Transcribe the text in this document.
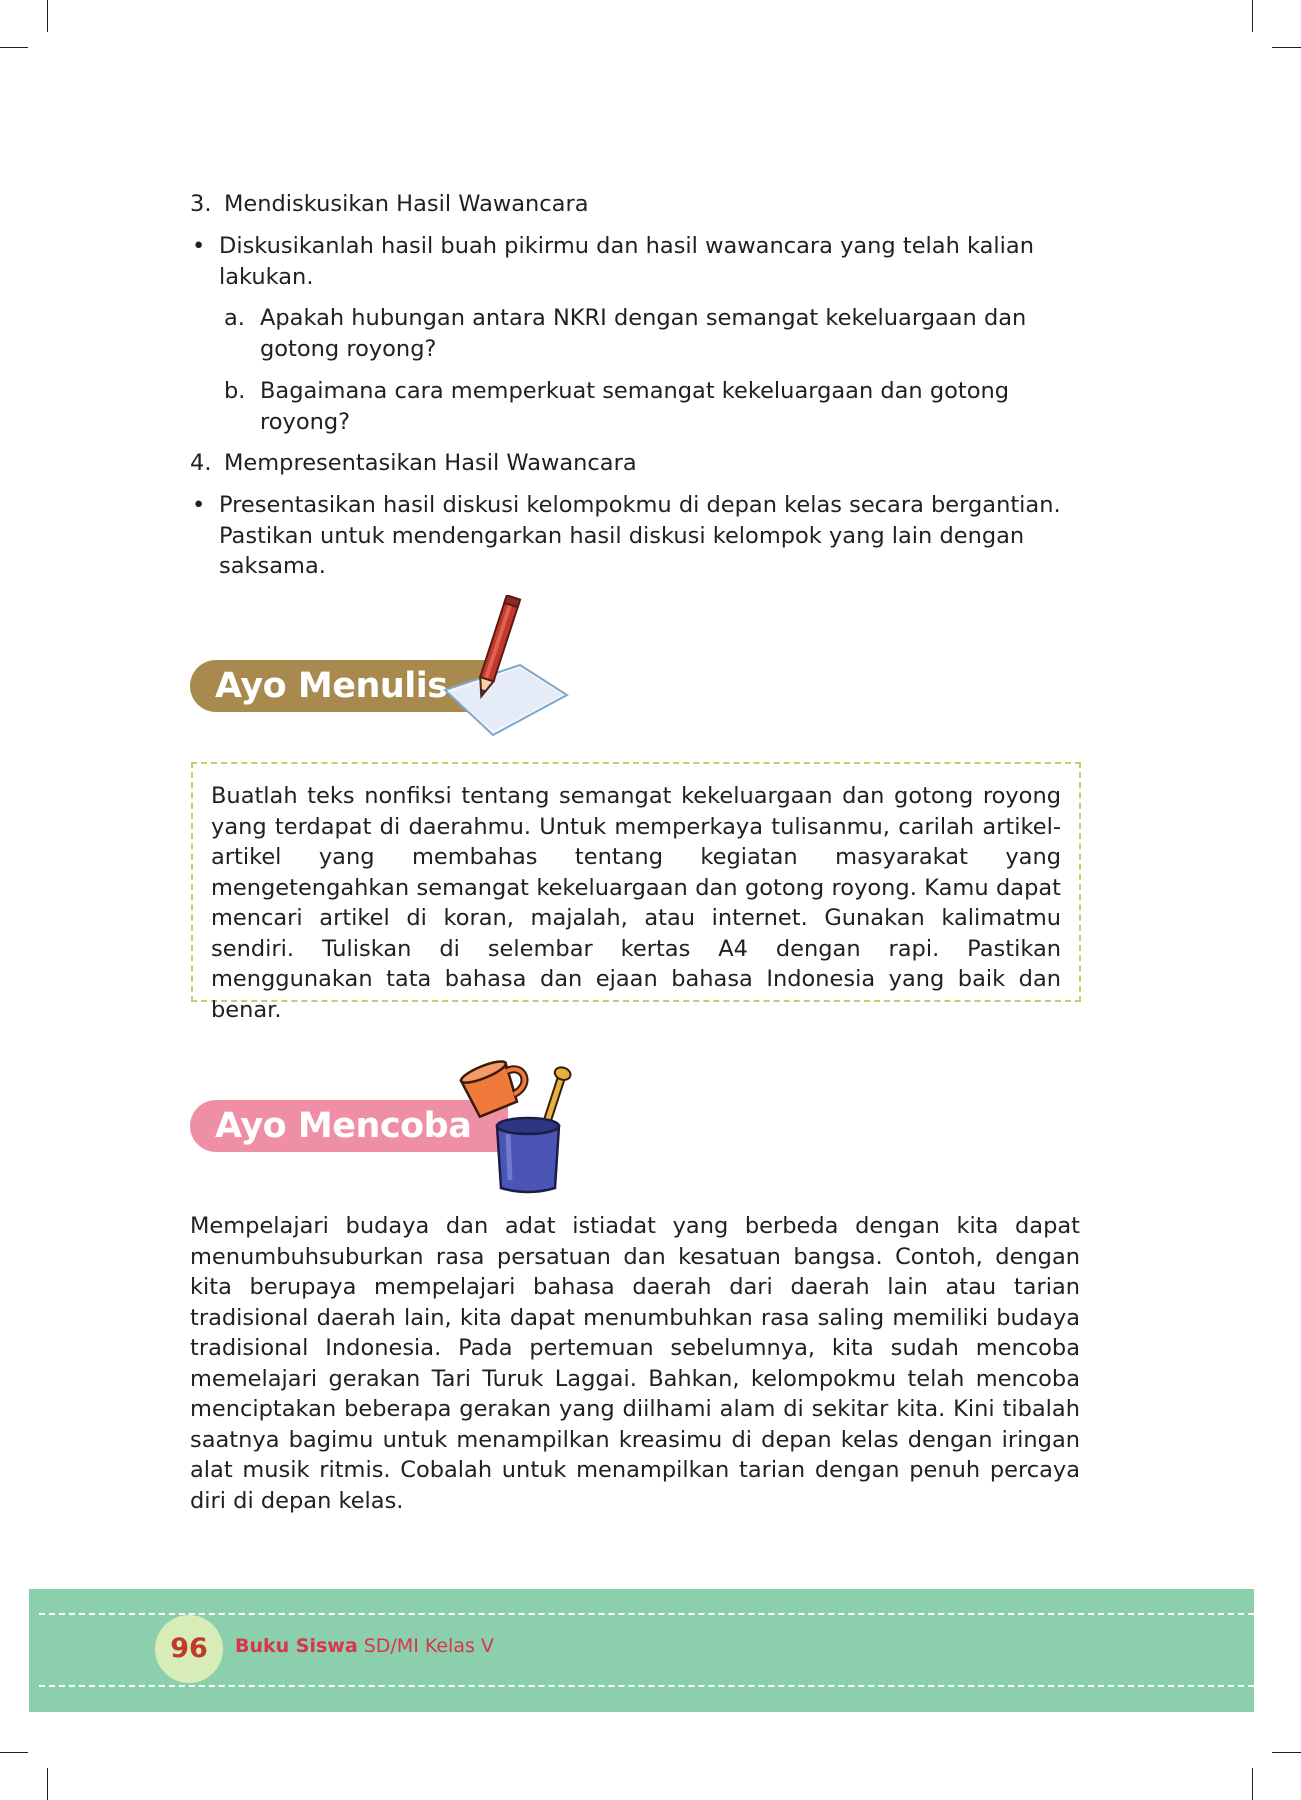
3. Mendiskusikan Hasil Wawancara
• Diskusikanlah hasil buah pikirmu dan hasil wawancara yang telah kalian lakukan.
a. Apakah hubungan antara NKRI dengan semangat kekeluargaan dan gotong royong?
b. Bagaimana cara memperkuat semangat kekeluargaan dan gotong royong?
4. Mempresentasikan Hasil Wawancara
• Presentasikan hasil diskusi kelompokmu di depan kelas secara bergantian. Pastikan untuk mendengarkan hasil diskusi kelompok yang lain dengan saksama.
Ayo Menulis

Buatlah teks nonfiksi tentang semangat kekeluargaan dan gotong royong yang terdapat di daerahmu. Untuk memperkaya tulisanmu, carilah artikel-artikel yang membahas tentang kegiatan masyarakat yang mengetengahkan semangat kekeluargaan dan gotong royong. Kamu dapat mencari artikel di koran, majalah, atau internet. Gunakan kalimatmu sendiri. Tuliskan di selembar kertas A4 dengan rapi. Pastikan menggunakan tata bahasa dan ejaan bahasa Indonesia yang baik dan benar.

Ayo Mencoba

Mempelajari budaya dan adat istiadat yang berbeda dengan kita dapat menumbuhsuburkan rasa persatuan dan kesatuan bangsa. Contoh, dengan kita berupaya mempelajari bahasa daerah dari daerah lain atau tarian tradisional daerah lain, kita dapat menumbuhkan rasa saling memiliki budaya tradisional Indonesia. Pada pertemuan sebelumnya, kita sudah mencoba memelajari gerakan Tari Turuk Laggai. Bahkan, kelompokmu telah mencoba menciptakan beberapa gerakan yang diilhami alam di sekitar kita. Kini tibalah saatnya bagimu untuk menampilkan kreasimu di depan kelas dengan iringan alat musik ritmis. Cobalah untuk menampilkan tarian dengan penuh percaya diri di depan kelas.

96	Buku Siswa SD/MI Kelas V
